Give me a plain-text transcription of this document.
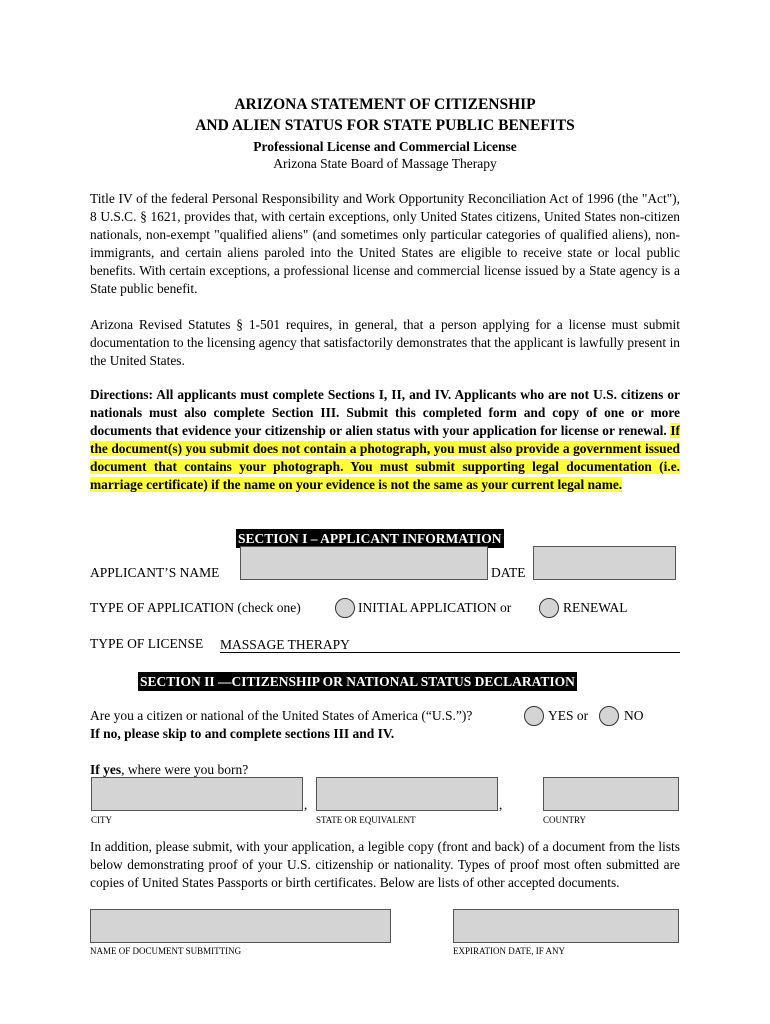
ARIZONA STATEMENT OF CITIZENSHIP
AND ALIEN STATUS FOR STATE PUBLIC BENEFITS
Professional License and Commercial License
Arizona State Board of Massage Therapy

Title IV of the federal Personal Responsibility and Work Opportunity Reconciliation Act of 1996 (the "Act"), 8 U.S.C. § 1621, provides that, with certain exceptions, only United States citizens, United States non-citizen nationals, non-exempt "qualified aliens" (and sometimes only particular categories of qualified aliens), non-immigrants, and certain aliens paroled into the United States are eligible to receive state or local public benefits. With certain exceptions, a professional license and commercial license issued by a State agency is a State public benefit.

Arizona Revised Statutes § 1-501 requires, in general, that a person applying for a license must submit documentation to the licensing agency that satisfactorily demonstrates that the applicant is lawfully present in the United States.

Directions: All applicants must complete Sections I, II, and IV. Applicants who are not U.S. citizens or nationals must also complete Section III. Submit this completed form and copy of one or more documents that evidence your citizenship or alien status with your application for license or renewal. If the document(s) you submit does not contain a photograph, you must also provide a government issued document that contains your photograph. You must submit supporting legal documentation (i.e. marriage certificate) if the name on your evidence is not the same as your current legal name.

SECTION I – APPLICANT INFORMATION
APPLICANT’S NAME	DATE
TYPE OF APPLICATION (check one)	INITIAL APPLICATION or	RENEWAL
TYPE OF LICENSE MASSAGE THERAPY
SECTION II —CITIZENSHIP OR NATIONAL STATUS DECLARATION
Are you a citizen or national of the United States of America (“U.S.”)?	YES or	NO
If no, please skip to and complete sections III and IV.
If yes, where were you born?
,	,
CITY	STATE OR EQUIVALENT	COUNTRY

In addition, please submit, with your application, a legible copy (front and back) of a document from the lists below demonstrating proof of your U.S. citizenship or nationality. Types of proof most often submitted are copies of United States Passports or birth certificates. Below are lists of other accepted documents.

NAME OF DOCUMENT SUBMITTING	EXPIRATION DATE, IF ANY
